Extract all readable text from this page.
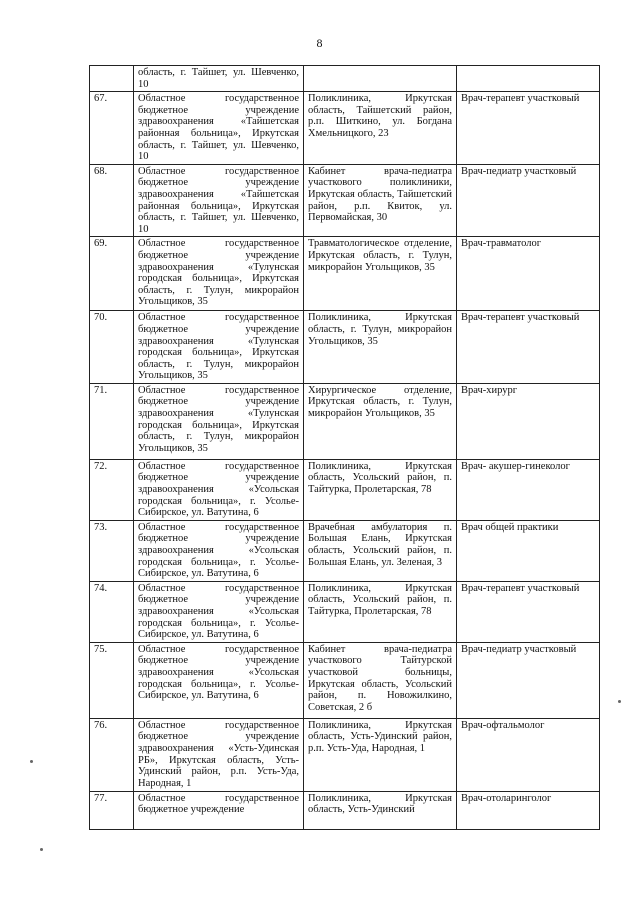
8
	область, г. Тайшет, ул. Шевченко, 10		
67.	Областное государственное бюджетное учреждение здравоохранения «Тайшетская районная больница», Иркутская область, г. Тайшет, ул. Шевченко, 10	Поликлиника, Иркутская область, Тайшетский район, р.п. Шиткино, ул. Богдана Хмельницкого, 23	Врач-терапевт участковый
68.	Областное государственное бюджетное учреждение здравоохранения «Тайшетская районная больница», Иркутская область, г. Тайшет, ул. Шевченко, 10	Кабинет врача-педиатра участкового поликлиники, Иркутская область, Тайшетский район, р.п. Квиток, ул. Первомайская, 30	Врач-педиатр участковый
69.	Областное государственное бюджетное учреждение здравоохранения «Тулунская городская больница», Иркутская область, г. Тулун, микрорайон Угольщиков, 35	Травматологическое отделение, Иркутская область, г. Тулун, микрорайон Угольщиков, 35	Врач-травматолог
70.	Областное государственное бюджетное учреждение здравоохранения «Тулунская городская больница», Иркутская область, г. Тулун, микрорайон Угольщиков, 35	Поликлиника, Иркутская область, г. Тулун, микрорайон Угольщиков, 35	Врач-терапевт участковый
71.	Областное государственное бюджетное учреждение здравоохранения «Тулунская городская больница», Иркутская область, г. Тулун, микрорайон Угольщиков, 35	Хирургическое отделение, Иркутская область, г. Тулун, микрорайон Угольщиков, 35	Врач-хирург
72.	Областное государственное бюджетное учреждение здравоохранения «Усольская городская больница», г. Усолье-Сибирское, ул. Ватутина, 6	Поликлиника, Иркутская область, Усольский район, п. Тайтурка, Пролетарская, 78	Врач- акушер-гинеколог
73.	Областное государственное бюджетное учреждение здравоохранения «Усольская городская больница», г. Усолье-Сибирское, ул. Ватутина, 6	Врачебная амбулатория п. Большая Елань, Иркутская область, Усольский район, п. Большая Елань, ул. Зеленая, 3	Врач общей практики
74.	Областное государственное бюджетное учреждение здравоохранения «Усольская городская больница», г. Усолье-Сибирское, ул. Ватутина, 6	Поликлиника, Иркутская область, Усольский район, п. Тайтурка, Пролетарская, 78	Врач-терапевт участковый
75.	Областное государственное бюджетное учреждение здравоохранения «Усольская городская больница», г. Усолье-Сибирское, ул. Ватутина, 6	Кабинет врача-педиатра участкового Тайтурской участковой больницы, Иркутская область, Усольский район, п. Новожилкино, Советская, 2 б	Врач-педиатр участковый
76.	Областное государственное бюджетное учреждение здравоохранения «Усть-Удинская РБ», Иркутская область, Усть-Удинский район, р.п. Усть-Уда, Народная, 1	Поликлиника, Иркутская область, Усть-Удинский район, р.п. Усть-Уда, Народная, 1	Врач-офтальмолог
77.	Областное государственное бюджетное учреждение	Поликлиника, Иркутская область, Усть-Удинский	Врач-отоларинголог
